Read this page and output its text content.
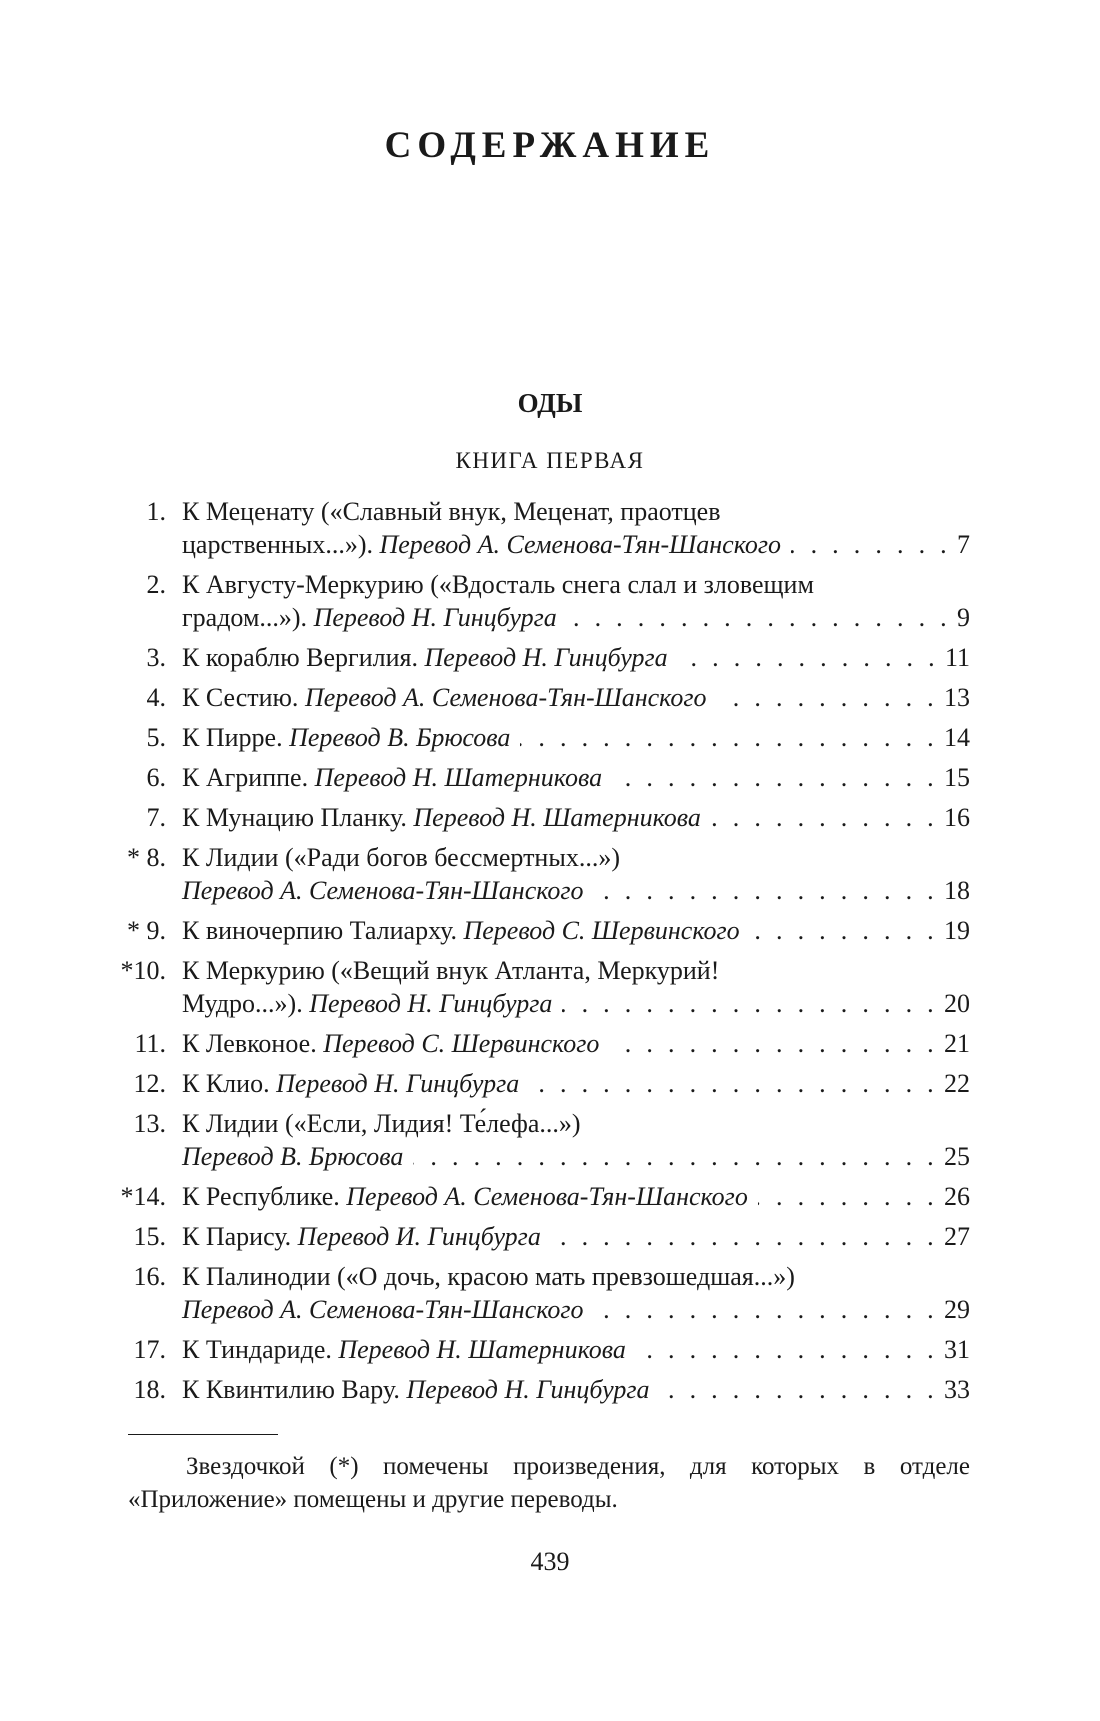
СОДЕРЖАНИЕ
ОДЫ
КНИГА ПЕРВАЯ
1. К Меценату («Славный внук, Меценат, праотцев
царственных...»). Перевод А. Семенова-Тян-Шанского . . .	7
2. К Августу-Меркурию («Вдосталь снега слал и зловещим
градом...»). Перевод Н. Гинцбурга . . .	9
3. К кораблю Вергилия. Перевод Н. Гинцбурга . . .	11
4. К Сестию. Перевод А. Семенова-Тян-Шанского . . .	13
5. К Пирре. Перевод В. Брюсова . . .	14
6. К Агриппе. Перевод Н. Шатерникова . . .	15
7. К Мунацию Планку. Перевод Н. Шатерникова . . .	16
* 8. К Лидии («Ради богов бессмертных...»)
Перевод А. Семенова-Тян-Шанского . . .	18
* 9. К виночерпию Талиарху. Перевод С. Шервинского . . .	19
*10. К Меркурию («Вещий внук Атланта, Меркурий!
Мудро...»). Перевод Н. Гинцбурга . . .	20
11. К Левконое. Перевод С. Шервинского . . .	21
12. К Клио. Перевод Н. Гинцбурга . . .	22
13. К Лидии («Если, Лидия! Те́лефа...»)
Перевод В. Брюсова . . .	25
*14. К Республике. Перевод А. Семенова-Тян-Шанского . . .	26
15. К Парису. Перевод И. Гинцбурга . . .	27
16. К Палинодии («О дочь, красою мать превзошедшая...»)
Перевод А. Семенова-Тян-Шанского . . .	29
17. К Тиндариде. Перевод Н. Шатерникова . . .	31
18. К Квинтилию Вару. Перевод Н. Гинцбурга . . .	33
Звездочкой (*) помечены произведения, для которых в отделе «Приложение» помещены и другие переводы.
439
